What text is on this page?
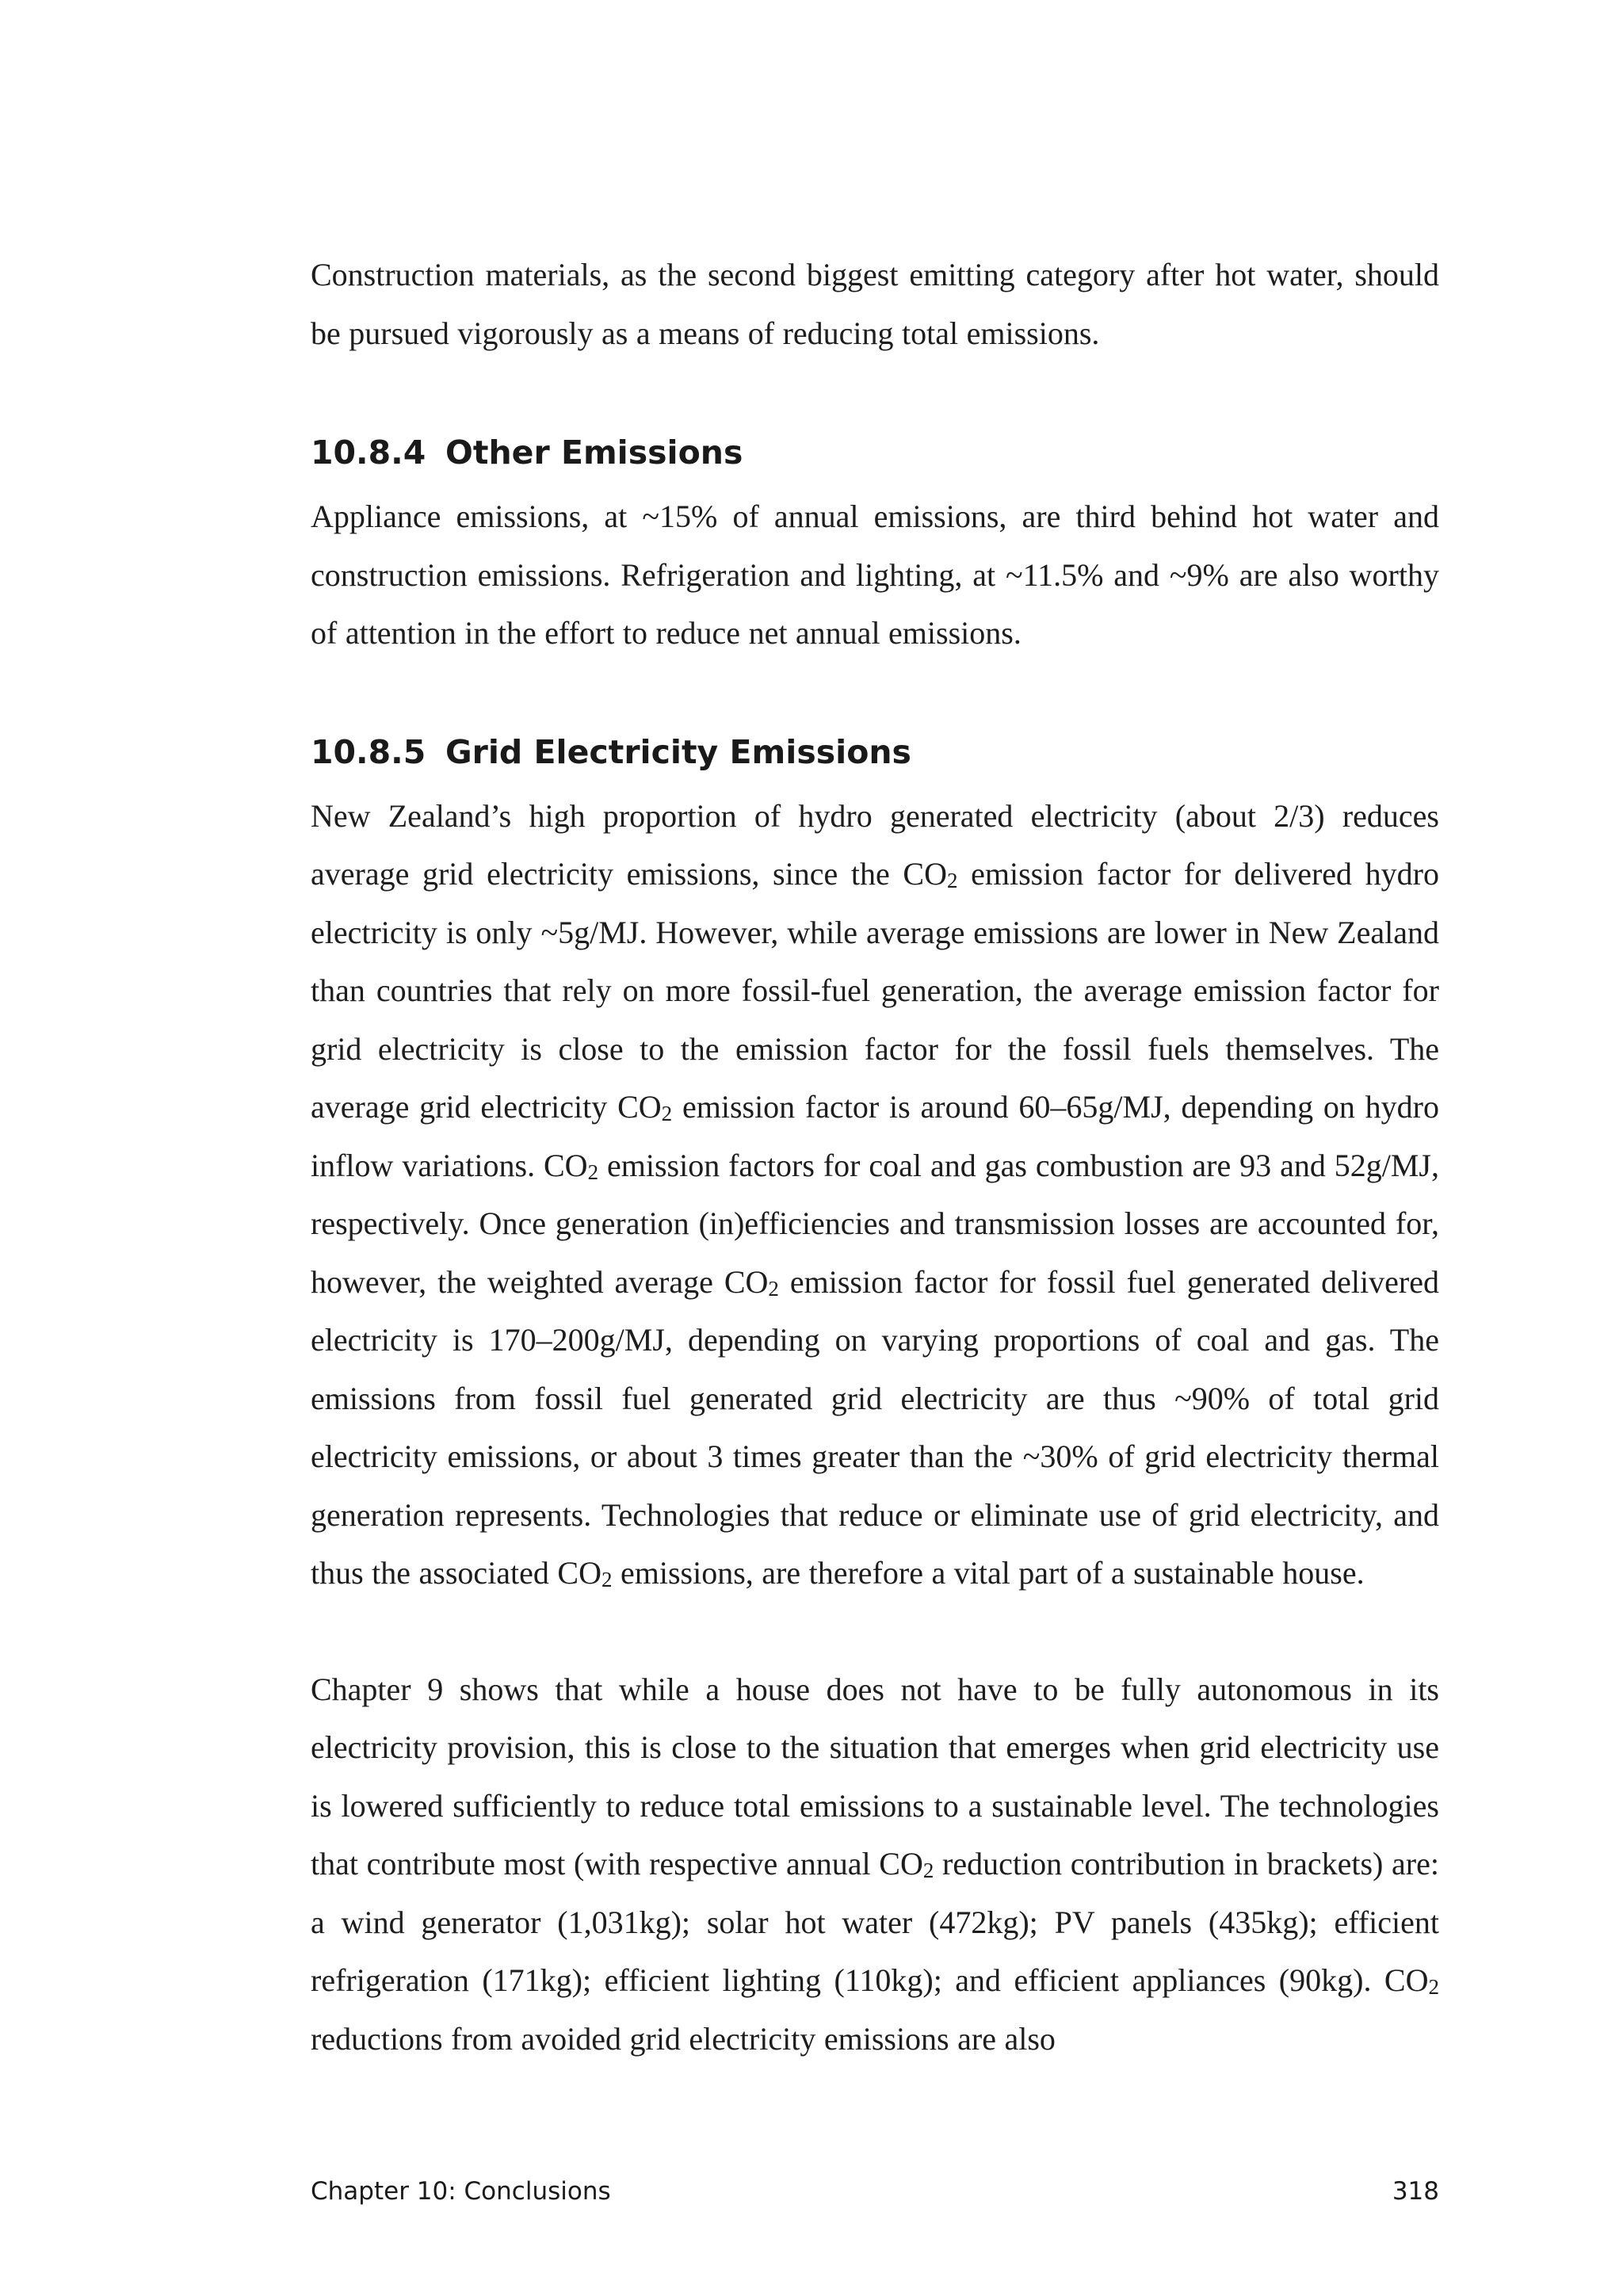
Construction materials, as the second biggest emitting category after hot water, should be pursued vigorously as a means of reducing total emissions.

10.8.4 Other Emissions

Appliance emissions, at ~15% of annual emissions, are third behind hot water and construction emissions. Refrigeration and lighting, at ~11.5% and ~9% are also worthy of attention in the effort to reduce net annual emissions.

10.8.5 Grid Electricity Emissions

New Zealand’s high proportion of hydro generated electricity (about 2/3) reduces average grid electricity emissions, since the $CO_2$ emission factor for delivered hydro electricity is only ~5g/MJ. However, while average emissions are lower in New Zealand than countries that rely on more fossil-fuel generation, the average emission factor for grid electricity is close to the emission factor for the fossil fuels themselves. The average grid electricity $CO_2$ emission factor is around 60–65g/MJ, depending on hydro inflow variations. $CO_2$ emission factors for coal and gas combustion are 93 and 52g/MJ, respectively. Once generation (in)efficiencies and transmission losses are accounted for, however, the weighted average $CO_2$ emission factor for fossil fuel generated delivered electricity is 170–200g/MJ, depending on varying proportions of coal and gas. The emissions from fossil fuel generated grid electricity are thus ~90% of total grid electricity emissions, or about 3 times greater than the ~30% of grid electricity thermal generation represents. Technologies that reduce or eliminate use of grid electricity, and thus the associated $CO_2$ emissions, are therefore a vital part of a sustainable house.

Chapter 9 shows that while a house does not have to be fully autonomous in its electricity provision, this is close to the situation that emerges when grid electricity use is lowered sufficiently to reduce total emissions to a sustainable level. The technologies that contribute most (with respective annual $CO_2$ reduction contribution in brackets) are: a wind generator (1,031kg); solar hot water (472kg); PV panels (435kg); efficient refrigeration (171kg); efficient lighting (110kg); and efficient appliances (90kg). $CO_2$ reductions from avoided grid electricity emissions are also

Chapter 10: Conclusions	318
